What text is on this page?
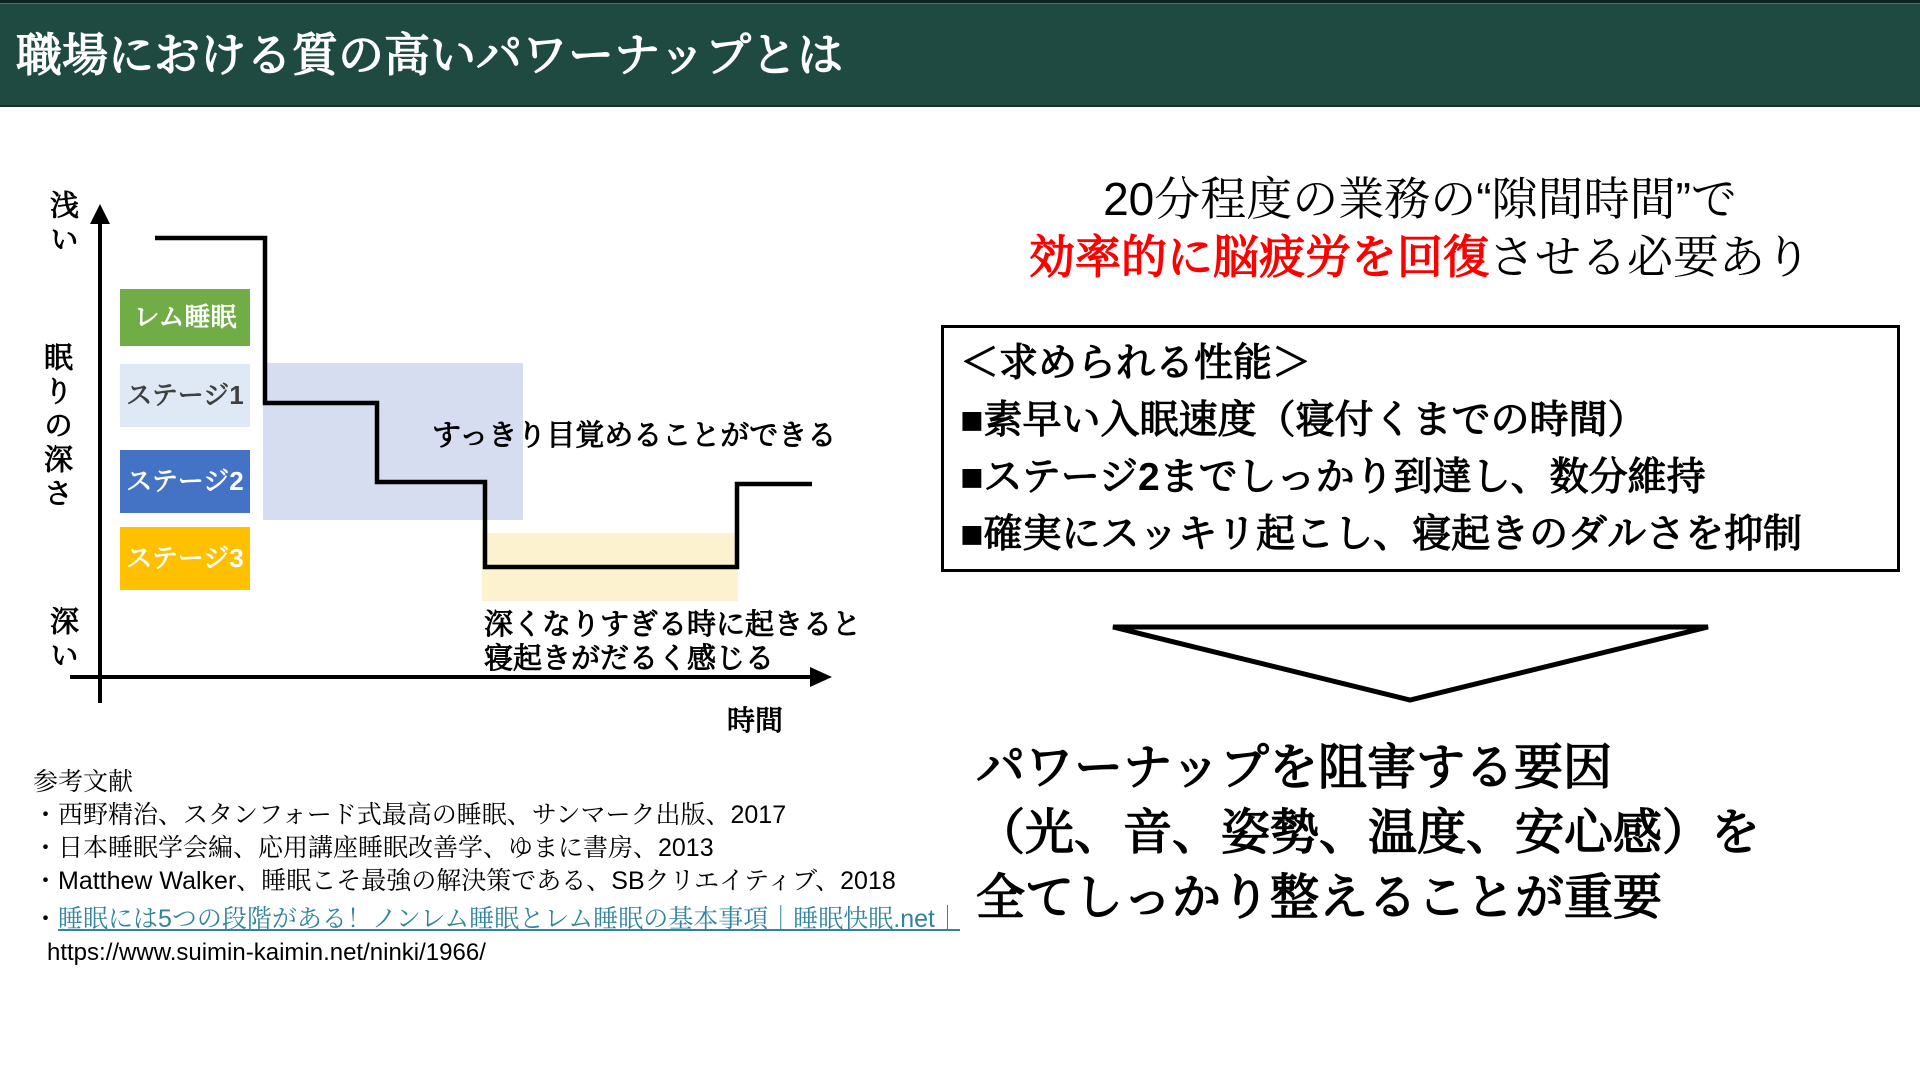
職場における質の高いパワーナップとは
浅い
眠りの深さ
深い
時間
レム睡眠
ステージ1
ステージ2
ステージ3
すっきり目覚めることができる
深くなりすぎる時に起きると
寝起きがだるく感じる
参考文献
・西野精治、スタンフォード式最高の睡眠、サンマーク出版、2017
・日本睡眠学会編、応用講座睡眠改善学、ゆまに書房、2013
・Matthew Walker、睡眠こそ最強の解決策である、SBクリエイティブ、2018
・睡眠には5つの段階がある！ノンレム睡眠とレム睡眠の基本事項｜睡眠快眠.net｜
https://www.suimin-kaimin.net/ninki/1966/
20分程度の業務の“隙間時間”で
効率的に脳疲労を回復させる必要あり
＜求められる性能＞
■素早い入眠速度（寝付くまでの時間）
■ステージ2までしっかり到達し、数分維持
■確実にスッキリ起こし、寝起きのダルさを抑制
パワーナップを阻害する要因
（光、音、姿勢、温度、安心感）を
全てしっかり整えることが重要
